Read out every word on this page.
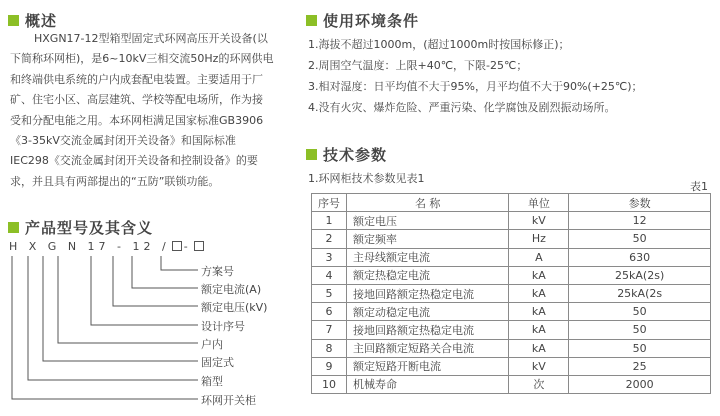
概述
HXGN17-12型箱型固定式环网高压开关设备(以
下简称环网柜)，是6~10kV三相交流50Hz的环网供电
和终端供电系统的户内成套配电装置。主要适用于厂
矿、住宅小区、高层建筑、学校等配电场所，作为接
受和分配电能之用。本环网柜满足国家标准GB3906
《3-35kV交流金属封闭开关设备》和国际标准
IEC298《交流金属封闭开关设备和控制设备》的要
求，并且具有两部提出的“五防”联锁功能。
产品型号及其含义
H X G N 17 - 12 / -
方案号
额定电流(A)
额定电压(kV)
设计序号
户内
固定式
箱型
环网开关柜
使用环境条件
1.海拔不超过1000m，(超过1000m时按国标修正)；
2.周围空气温度：上限+40℃，下限-25℃；
3.相对湿度：日平均值不大于95%，月平均值不大于90%(+25℃)；
4.没有火灾、爆炸危险、严重污染、化学腐蚀及剧烈振动场所。
技术参数
1.环网柜技术参数见表1
表1
序号	名 称	单位	参数
1	额定电压	kV	12
2	额定频率	Hz	50
3	主母线额定电流	A	630
4	额定热稳定电流	kA	25kA(2s)
5	接地回路额定热稳定电流	kA	25kA(2s
6	额定动稳定电流	kA	50
7	接地回路额定热稳定电流	kA	50
8	主回路额定短路关合电流	kA	50
9	额定短路开断电流	kV	25
10	机械寿命	次	2000
